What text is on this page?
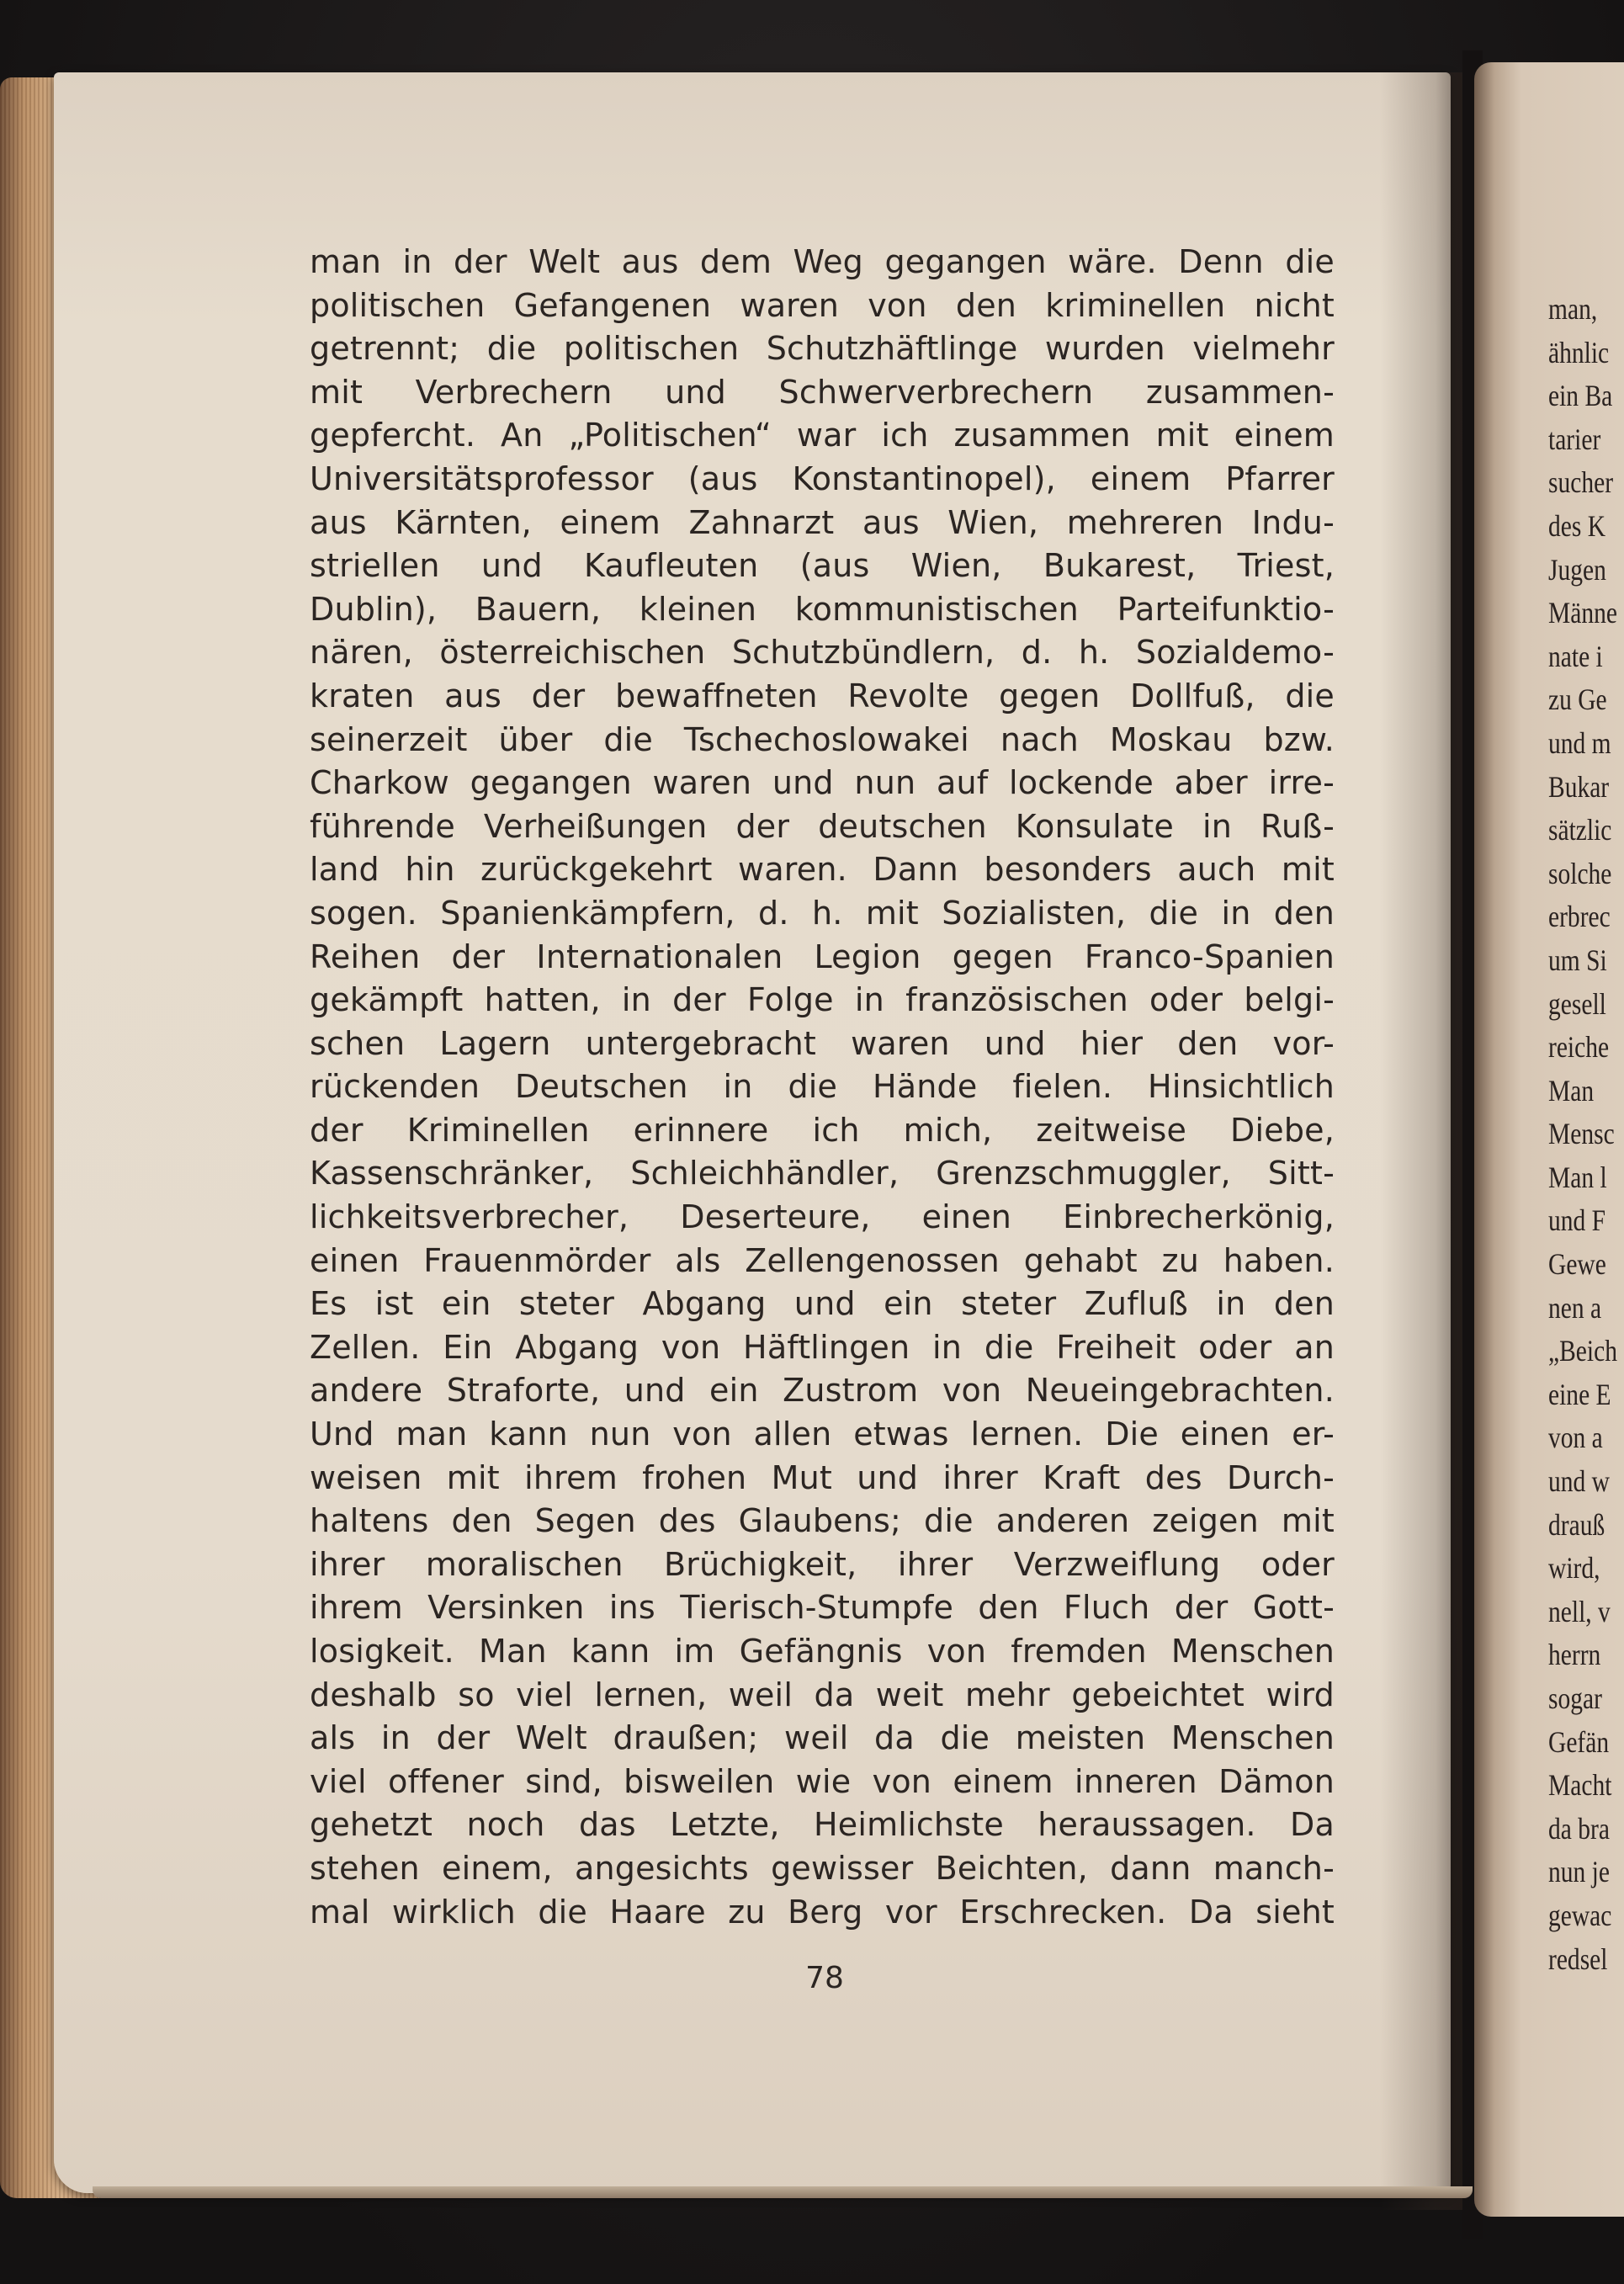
man,
ähnlic
ein Ba
tarier
sucher
des K
Jugen
Männe
nate i
zu Ge
und m
Bukar
sätzlic
solche
erbrec
um Si
gesell
reiche
Man
Mensc
Man l
und F
Gewe
nen a
„Beich
eine E
von a
und w
drauß
wird,
nell, v
herrn
sogar
Gefän
Macht
da bra
nun je
gewac
redsel
man in der Welt aus dem Weg gegangen wäre. Denn die
politischen Gefangenen waren von den kriminellen nicht
getrennt; die politischen Schutzhäftlinge wurden vielmehr
mit Verbrechern und Schwerverbrechern zusammen-
gepfercht. An „Politischen“ war ich zusammen mit einem
Universitätsprofessor (aus Konstantinopel), einem Pfarrer
aus Kärnten, einem Zahnarzt aus Wien, mehreren Indu-
striellen und Kaufleuten (aus Wien, Bukarest, Triest,
Dublin), Bauern, kleinen kommunistischen Parteifunktio-
nären, österreichischen Schutzbündlern, d. h. Sozialdemo-
kraten aus der bewaffneten Revolte gegen Dollfuß, die
seinerzeit über die Tschechoslowakei nach Moskau bzw.
Charkow gegangen waren und nun auf lockende aber irre-
führende Verheißungen der deutschen Konsulate in Ruß-
land hin zurückgekehrt waren. Dann besonders auch mit
sogen. Spanienkämpfern, d. h. mit Sozialisten, die in den
Reihen der Internationalen Legion gegen Franco-Spanien
gekämpft hatten, in der Folge in französischen oder belgi-
schen Lagern untergebracht waren und hier den vor-
rückenden Deutschen in die Hände fielen. Hinsichtlich
der Kriminellen erinnere ich mich, zeitweise Diebe,
Kassenschränker, Schleichhändler, Grenzschmuggler, Sitt-
lichkeitsverbrecher, Deserteure, einen Einbrecherkönig,
einen Frauenmörder als Zellengenossen gehabt zu haben.
Es ist ein steter Abgang und ein steter Zufluß in den
Zellen. Ein Abgang von Häftlingen in die Freiheit oder an
andere Straforte, und ein Zustrom von Neueingebrachten.
Und man kann nun von allen etwas lernen. Die einen er-
weisen mit ihrem frohen Mut und ihrer Kraft des Durch-
haltens den Segen des Glaubens; die anderen zeigen mit
ihrer moralischen Brüchigkeit, ihrer Verzweiflung oder
ihrem Versinken ins Tierisch-Stumpfe den Fluch der Gott-
losigkeit. Man kann im Gefängnis von fremden Menschen
deshalb so viel lernen, weil da weit mehr gebeichtet wird
als in der Welt draußen; weil da die meisten Menschen
viel offener sind, bisweilen wie von einem inneren Dämon
gehetzt noch das Letzte, Heimlichste heraussagen. Da
stehen einem, angesichts gewisser Beichten, dann manch-
mal wirklich die Haare zu Berg vor Erschrecken. Da sieht
78
